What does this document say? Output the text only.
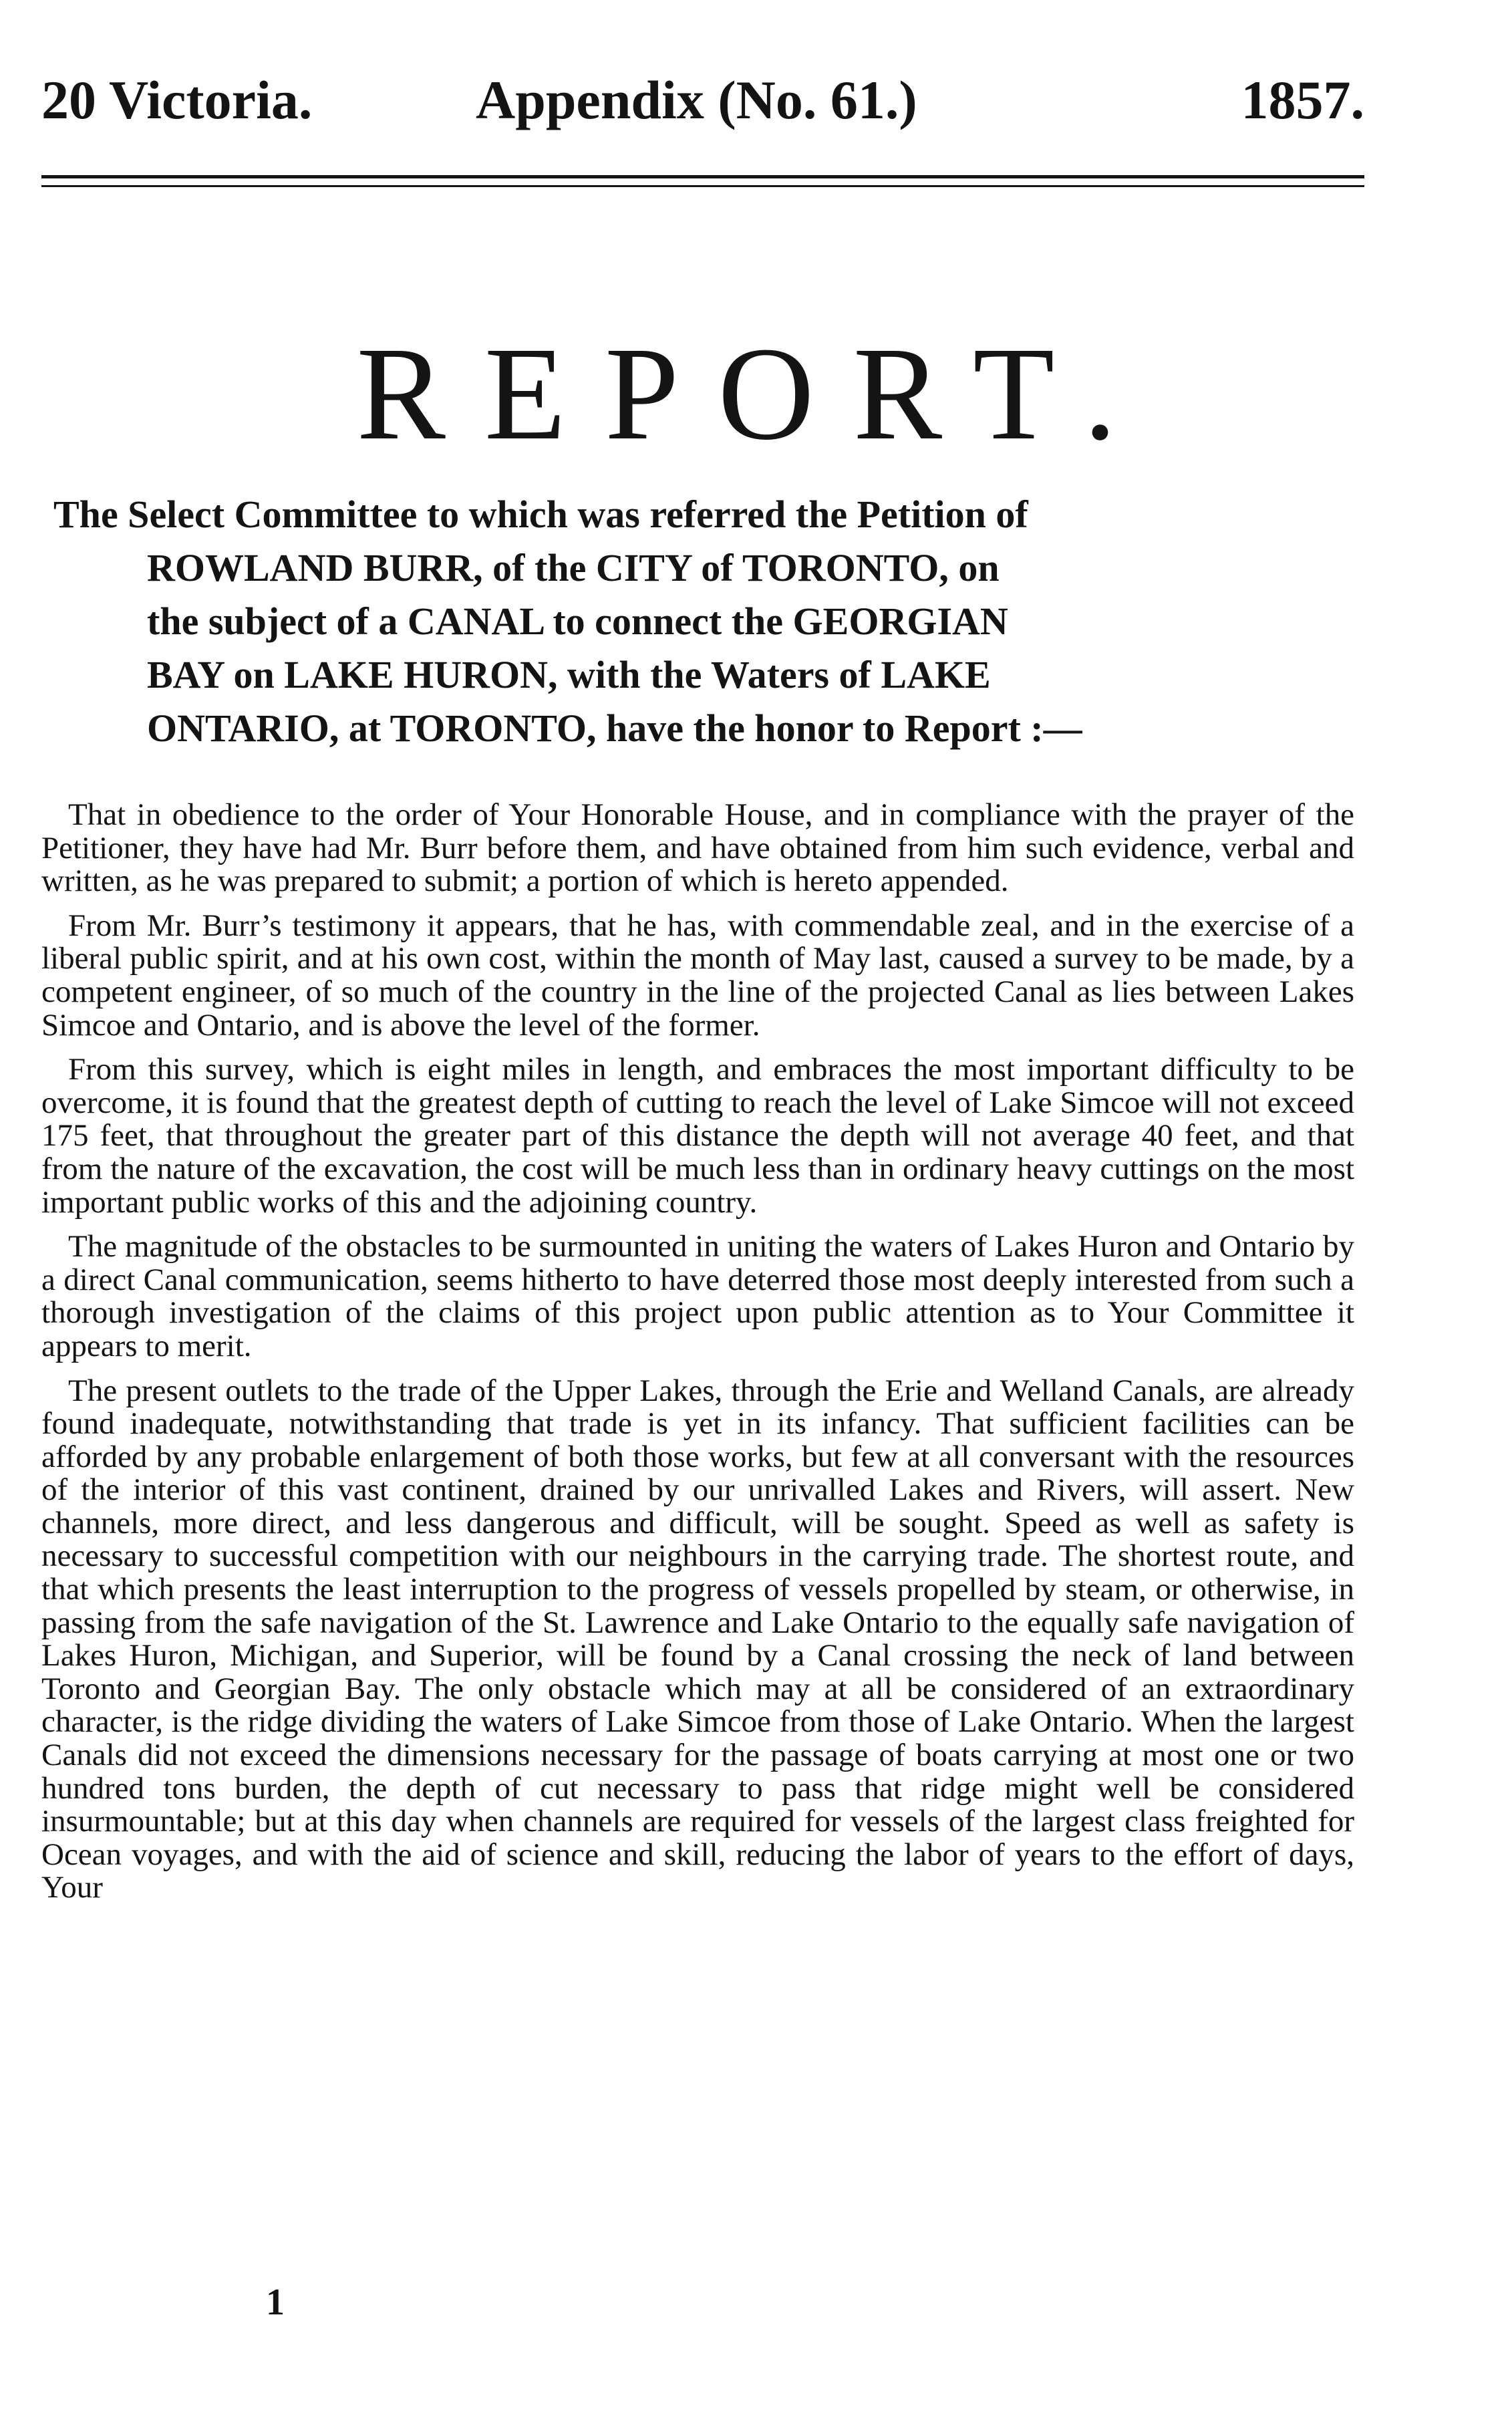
20 Victoria.	Appendix (No. 61.)	1857.
REPORT.
The Select Committee to which was referred the Petition of
ROWLAND BURR, of the CITY of TORONTO, on
the subject of a CANAL to connect the GEORGIAN
BAY on LAKE HURON, with the Waters of LAKE
ONTARIO, at TORONTO, have the honor to Report :—

That in obedience to the order of Your Honorable House, and in compliance with the prayer of the Petitioner, they have had Mr. Burr before them, and have obtained from him such evidence, verbal and written, as he was prepared to submit; a portion of which is hereto appended.

From Mr. Burr’s testimony it appears, that he has, with commendable zeal, and in the exercise of a liberal public spirit, and at his own cost, within the month of May last, caused a survey to be made, by a competent engineer, of so much of the country in the line of the projected Canal as lies between Lakes Simcoe and Ontario, and is above the level of the former.

From this survey, which is eight miles in length, and embraces the most important difficulty to be overcome, it is found that the greatest depth of cutting to reach the level of Lake Simcoe will not exceed 175 feet, that throughout the greater part of this distance the depth will not average 40 feet, and that from the nature of the excavation, the cost will be much less than in ordinary heavy cuttings on the most important public works of this and the adjoining country.

The magnitude of the obstacles to be surmounted in uniting the waters of Lakes Huron and Ontario by a direct Canal communication, seems hitherto to have deterred those most deeply interested from such a thorough investigation of the claims of this project upon public attention as to Your Committee it appears to merit.

The present outlets to the trade of the Upper Lakes, through the Erie and Welland Canals, are already found inadequate, notwithstanding that trade is yet in its infancy. That sufficient facilities can be afforded by any probable enlargement of both those works, but few at all conversant with the resources of the interior of this vast continent, drained by our unrivalled Lakes and Rivers, will assert. New channels, more direct, and less dangerous and difficult, will be sought. Speed as well as safety is necessary to successful competition with our neighbours in the carrying trade. The shortest route, and that which presents the least interruption to the progress of vessels propelled by steam, or otherwise, in passing from the safe navigation of the St. Lawrence and Lake Ontario to the equally safe navigation of Lakes Huron, Michigan, and Superior, will be found by a Canal crossing the neck of land between Toronto and Georgian Bay. The only obstacle which may at all be considered of an extraordinary character, is the ridge dividing the waters of Lake Simcoe from those of Lake Ontario. When the largest Canals did not exceed the dimensions necessary for the passage of boats carrying at most one or two hundred tons burden, the depth of cut necessary to pass that ridge might well be considered insurmountable; but at this day when channels are required for vessels of the largest class freighted for Ocean voyages, and with the aid of science and skill, reducing the labor of years to the effort of days, Your

1
